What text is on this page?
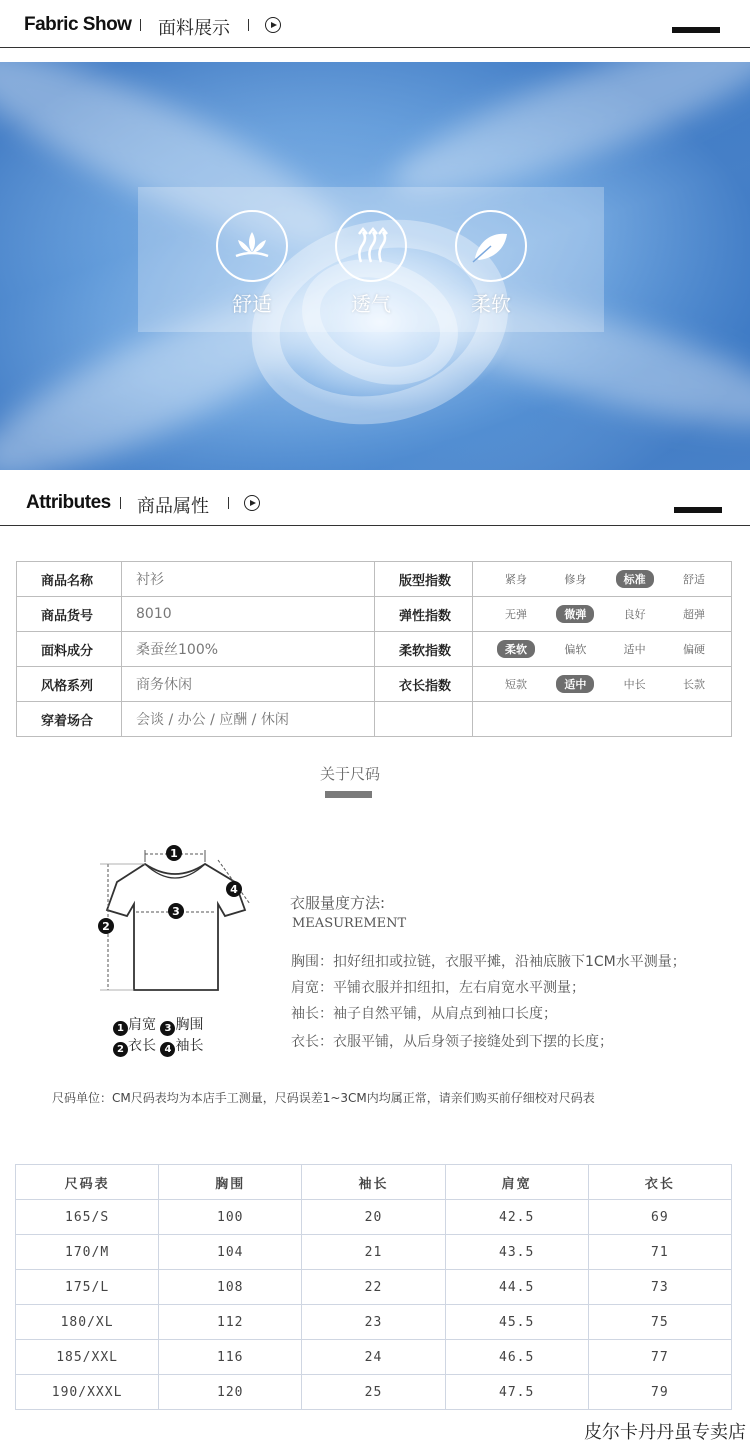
Fabric Show 面料展示
舒适	透气	柔软
Attributes 商品属性
商品名称	衬衫	版型指数	紧身 修身 标准 舒适

商品货号	8010	弹性指数	无弹 微弹 良好 超弹

面料成分	桑蚕丝100%	柔软指数	柔软 偏软 适中 偏硬

风格系列	商务休闲	衣长指数	短款 适中 中长 长款

穿着场合	会谈 / 办公 / 应酬 / 休闲		
关于尺码
1
2
3
4
1 肩宽 3 胸围
2 衣长 4 袖长
衣服量度方法:
MEASUREMENT
胸围：扣好纽扣或拉链，衣服平摊，沿袖底腋下1CM水平测量；
肩宽：平铺衣服并扣纽扣，左右肩宽水平测量；
袖长：袖子自然平铺，从肩点到袖口长度；
衣长：衣服平铺，从后身领子接缝处到下摆的长度；
尺码单位：CM尺码表均为本店手工测量，尺码误差1~3CM内均属正常，请亲们购买前仔细校对尺码表
尺码表	胸围	袖长	肩宽	衣长
165/S	100	20	42.5	69
170/M	104	21	43.5	71
175/L	108	22	44.5	73
180/XL	112	23	45.5	75
185/XXL	116	24	46.5	77
190/XXXL	120	25	47.5	79
皮尔卡丹丹虽专卖店
